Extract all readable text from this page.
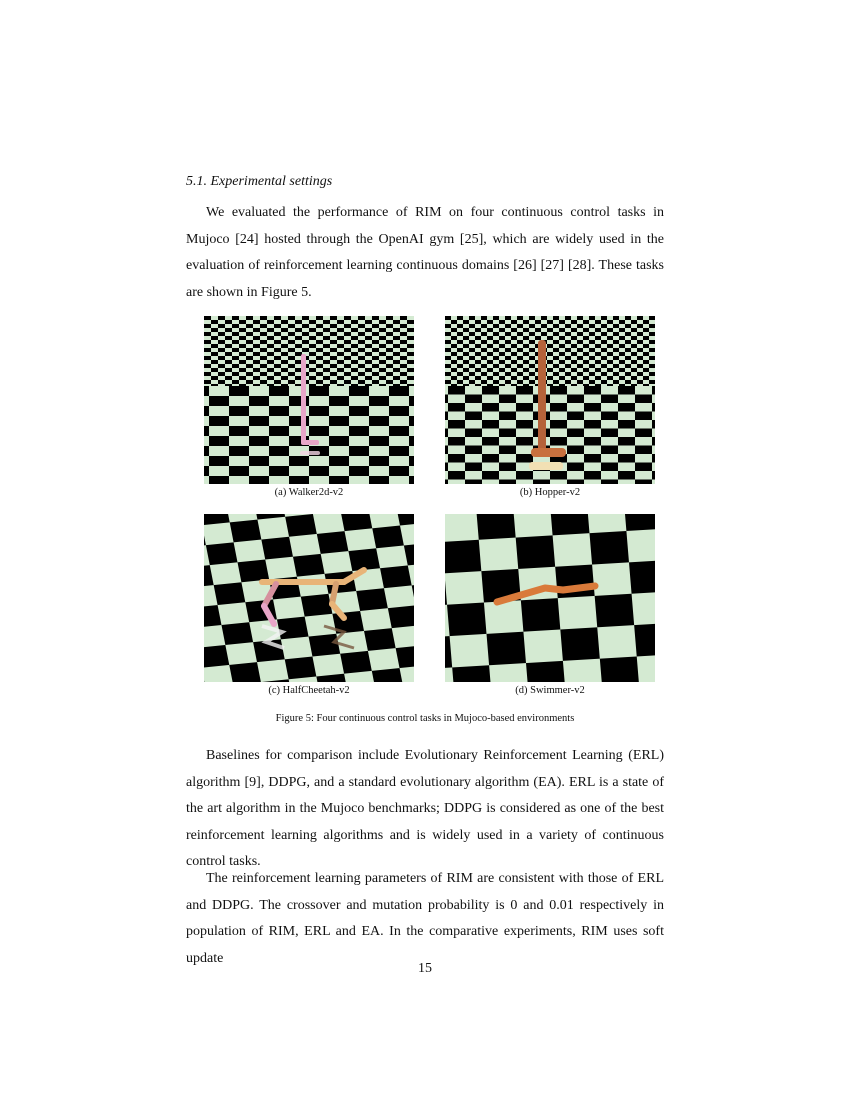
5.1. Experimental settings

We evaluated the performance of RIM on four continuous control tasks in Mujoco [24] hosted through the OpenAI gym [25], which are widely used in the evaluation of reinforcement learning continuous domains [26] [27] [28]. These tasks are shown in Figure 5.

(a) Walker2d-v2	(b) Hopper-v2
(c) HalfCheetah-v2	(d) Swimmer-v2
Figure 5: Four continuous control tasks in Mujoco-based environments

Baselines for comparison include Evolutionary Reinforcement Learning (ERL) algorithm [9], DDPG, and a standard evolutionary algorithm (EA). ERL is a state of the art algorithm in the Mujoco benchmarks; DDPG is considered as one of the best reinforcement learning algorithms and is widely used in a variety of continuous control tasks.

The reinforcement learning parameters of RIM are consistent with those of ERL and DDPG. The crossover and mutation probability is 0 and 0.01 respectively in population of RIM, ERL and EA. In the comparative experiments, RIM uses soft update

15
